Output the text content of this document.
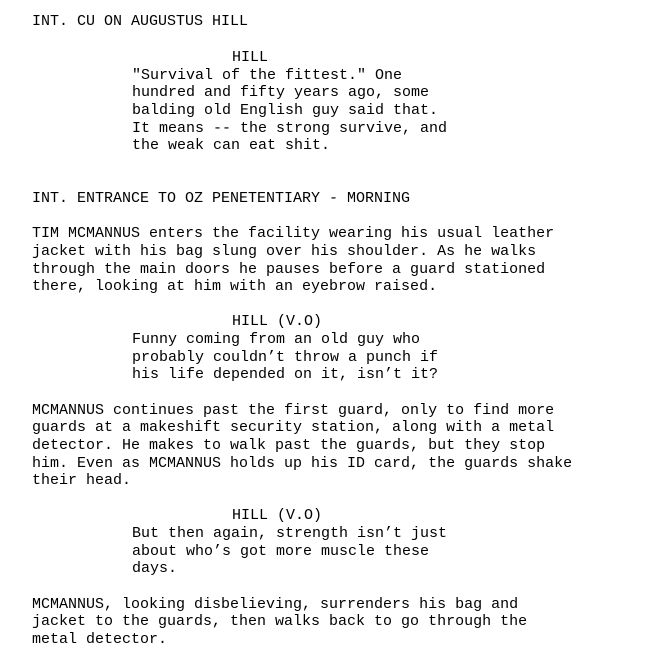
INT. CU ON AUGUSTUS HILL
HILL
"Survival of the fittest." One
hundred and fifty years ago, some
balding old English guy said that.
It means -- the strong survive, and
the weak can eat shit.
INT. ENTRANCE TO OZ PENETENTIARY - MORNING
TIM MCMANNUS enters the facility wearing his usual leather
jacket with his bag slung over his shoulder. As he walks
through the main doors he pauses before a guard stationed
there, looking at him with an eyebrow raised.
HILL (V.O)
Funny coming from an old guy who
probably couldn’t throw a punch if
his life depended on it, isn’t it?
MCMANNUS continues past the first guard, only to find more
guards at a makeshift security station, along with a metal
detector. He makes to walk past the guards, but they stop
him. Even as MCMANNUS holds up his ID card, the guards shake
their head.
HILL (V.O)
But then again, strength isn’t just
about who’s got more muscle these
days.
MCMANNUS, looking disbelieving, surrenders his bag and
jacket to the guards, then walks back to go through the
metal detector.
